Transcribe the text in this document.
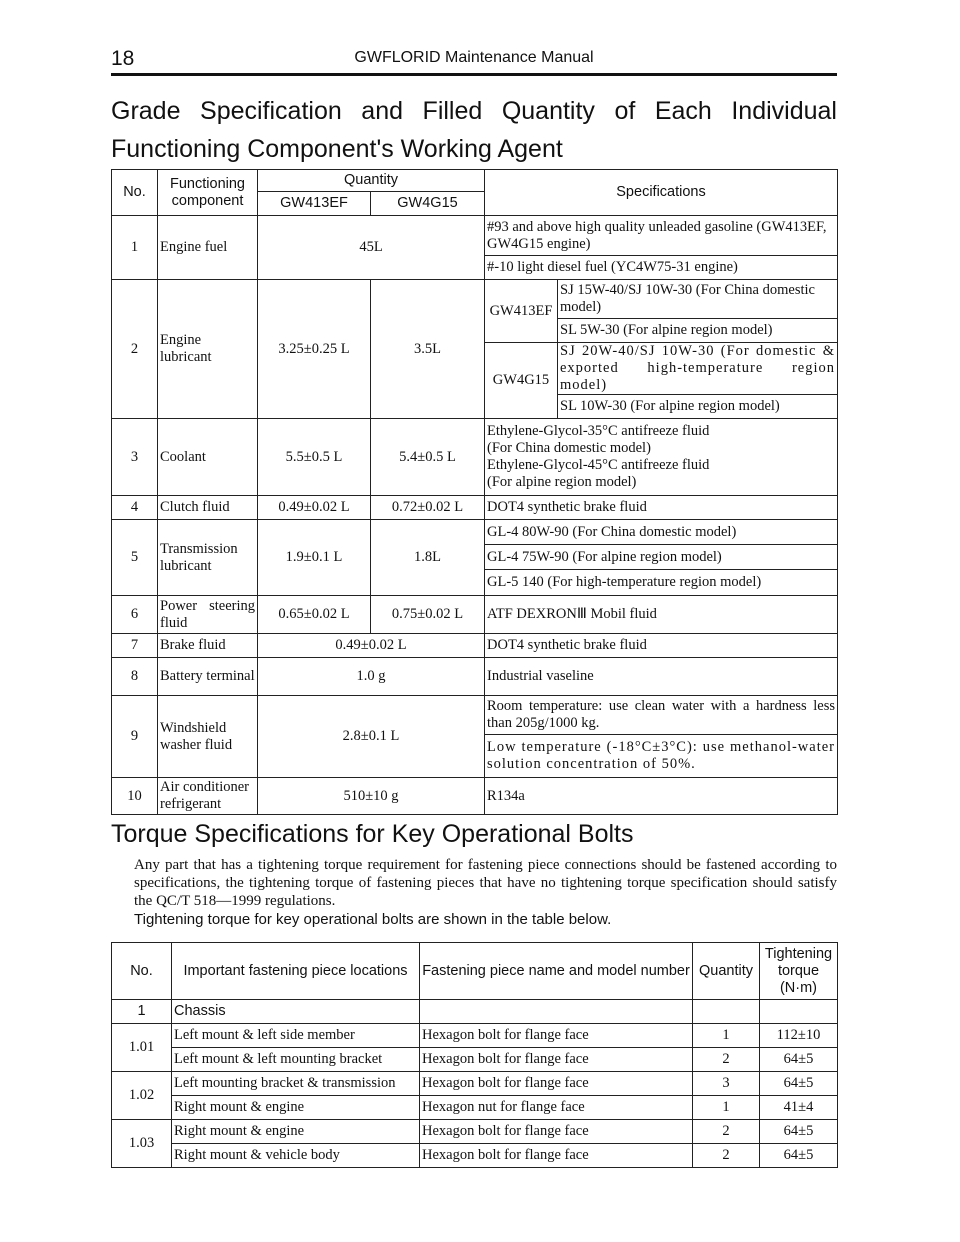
18	GWFLORID Maintenance Manual
Grade Specification and Filled Quantity of Each Individual Functioning Component's Working Agent
No.	Functioning component	Quantity		Specifications	
		GW413EF	GW4G15		
1	Engine fuel	45L		#93 and above high quality unleaded gasoline (GW413EF, GW4G15 engine)	
				#-10 light diesel fuel (YC4W75-31 engine)	
2	Engine lubricant	3.25±0.25 L	3.5L	GW413EF	SJ 15W-40/SJ 10W-30 (For China domestic model)
					SL 5W-30 (For alpine region model)
				GW4G15	SJ 20W-40/SJ 10W-30 (For domestic & exported high-temperature region model)
					SL 10W-30 (For alpine region model)
3	Coolant	5.5±0.5 L	5.4±0.5 L	Ethylene-Glycol-35°C antifreeze fluid
(For China domestic model)
Ethylene-Glycol-45°C antifreeze fluid
(For alpine region model)	

4	Clutch fluid	0.49±0.02 L	0.72±0.02 L	DOT4 synthetic brake fluid	
5	Transmission lubricant	1.9±0.1 L	1.8L	GL-4 80W-90 (For China domestic model)	
				GL-4 75W-90 (For alpine region model)	
				GL-5 140 (For high-temperature region model)	
6	Power steering fluid	0.65±0.02 L	0.75±0.02 L	ATF DEXRONⅢ Mobil fluid	
7	Brake fluid	0.49±0.02 L		DOT4 synthetic brake fluid	
8	Battery terminal	1.0 g		Industrial vaseline	
9	Windshield washer fluid	2.8±0.1 L		Room temperature: use clean water with a hardness less than 205g/1000 kg.	
				Low temperature (-18°C±3°C): use methanol-water solution concentration of 50%.	
10	Air conditioner refrigerant	510±10 g		R134a	
Torque Specifications for Key Operational Bolts
Any part that has a tightening torque requirement for fastening piece connections should be fastened according to specifications, the tightening torque of fastening pieces that have no tightening torque specification should satisfy the QC/T 518—1999 regulations.
Tightening torque for key operational bolts are shown in the table below.
No.	Important fastening piece locations	Fastening piece name and model number	Quantity	Tightening
torque
(N·m)

1	Chassis			
1.01	Left mount & left side member	Hexagon bolt for flange face	1	112±10
	Left mount & left mounting bracket	Hexagon bolt for flange face	2	64±5
1.02	Left mounting bracket & transmission	Hexagon bolt for flange face	3	64±5
	Right mount & engine	Hexagon nut for flange face	1	41±4
1.03	Right mount & engine	Hexagon bolt for flange face	2	64±5
	Right mount & vehicle body	Hexagon bolt for flange face	2	64±5
